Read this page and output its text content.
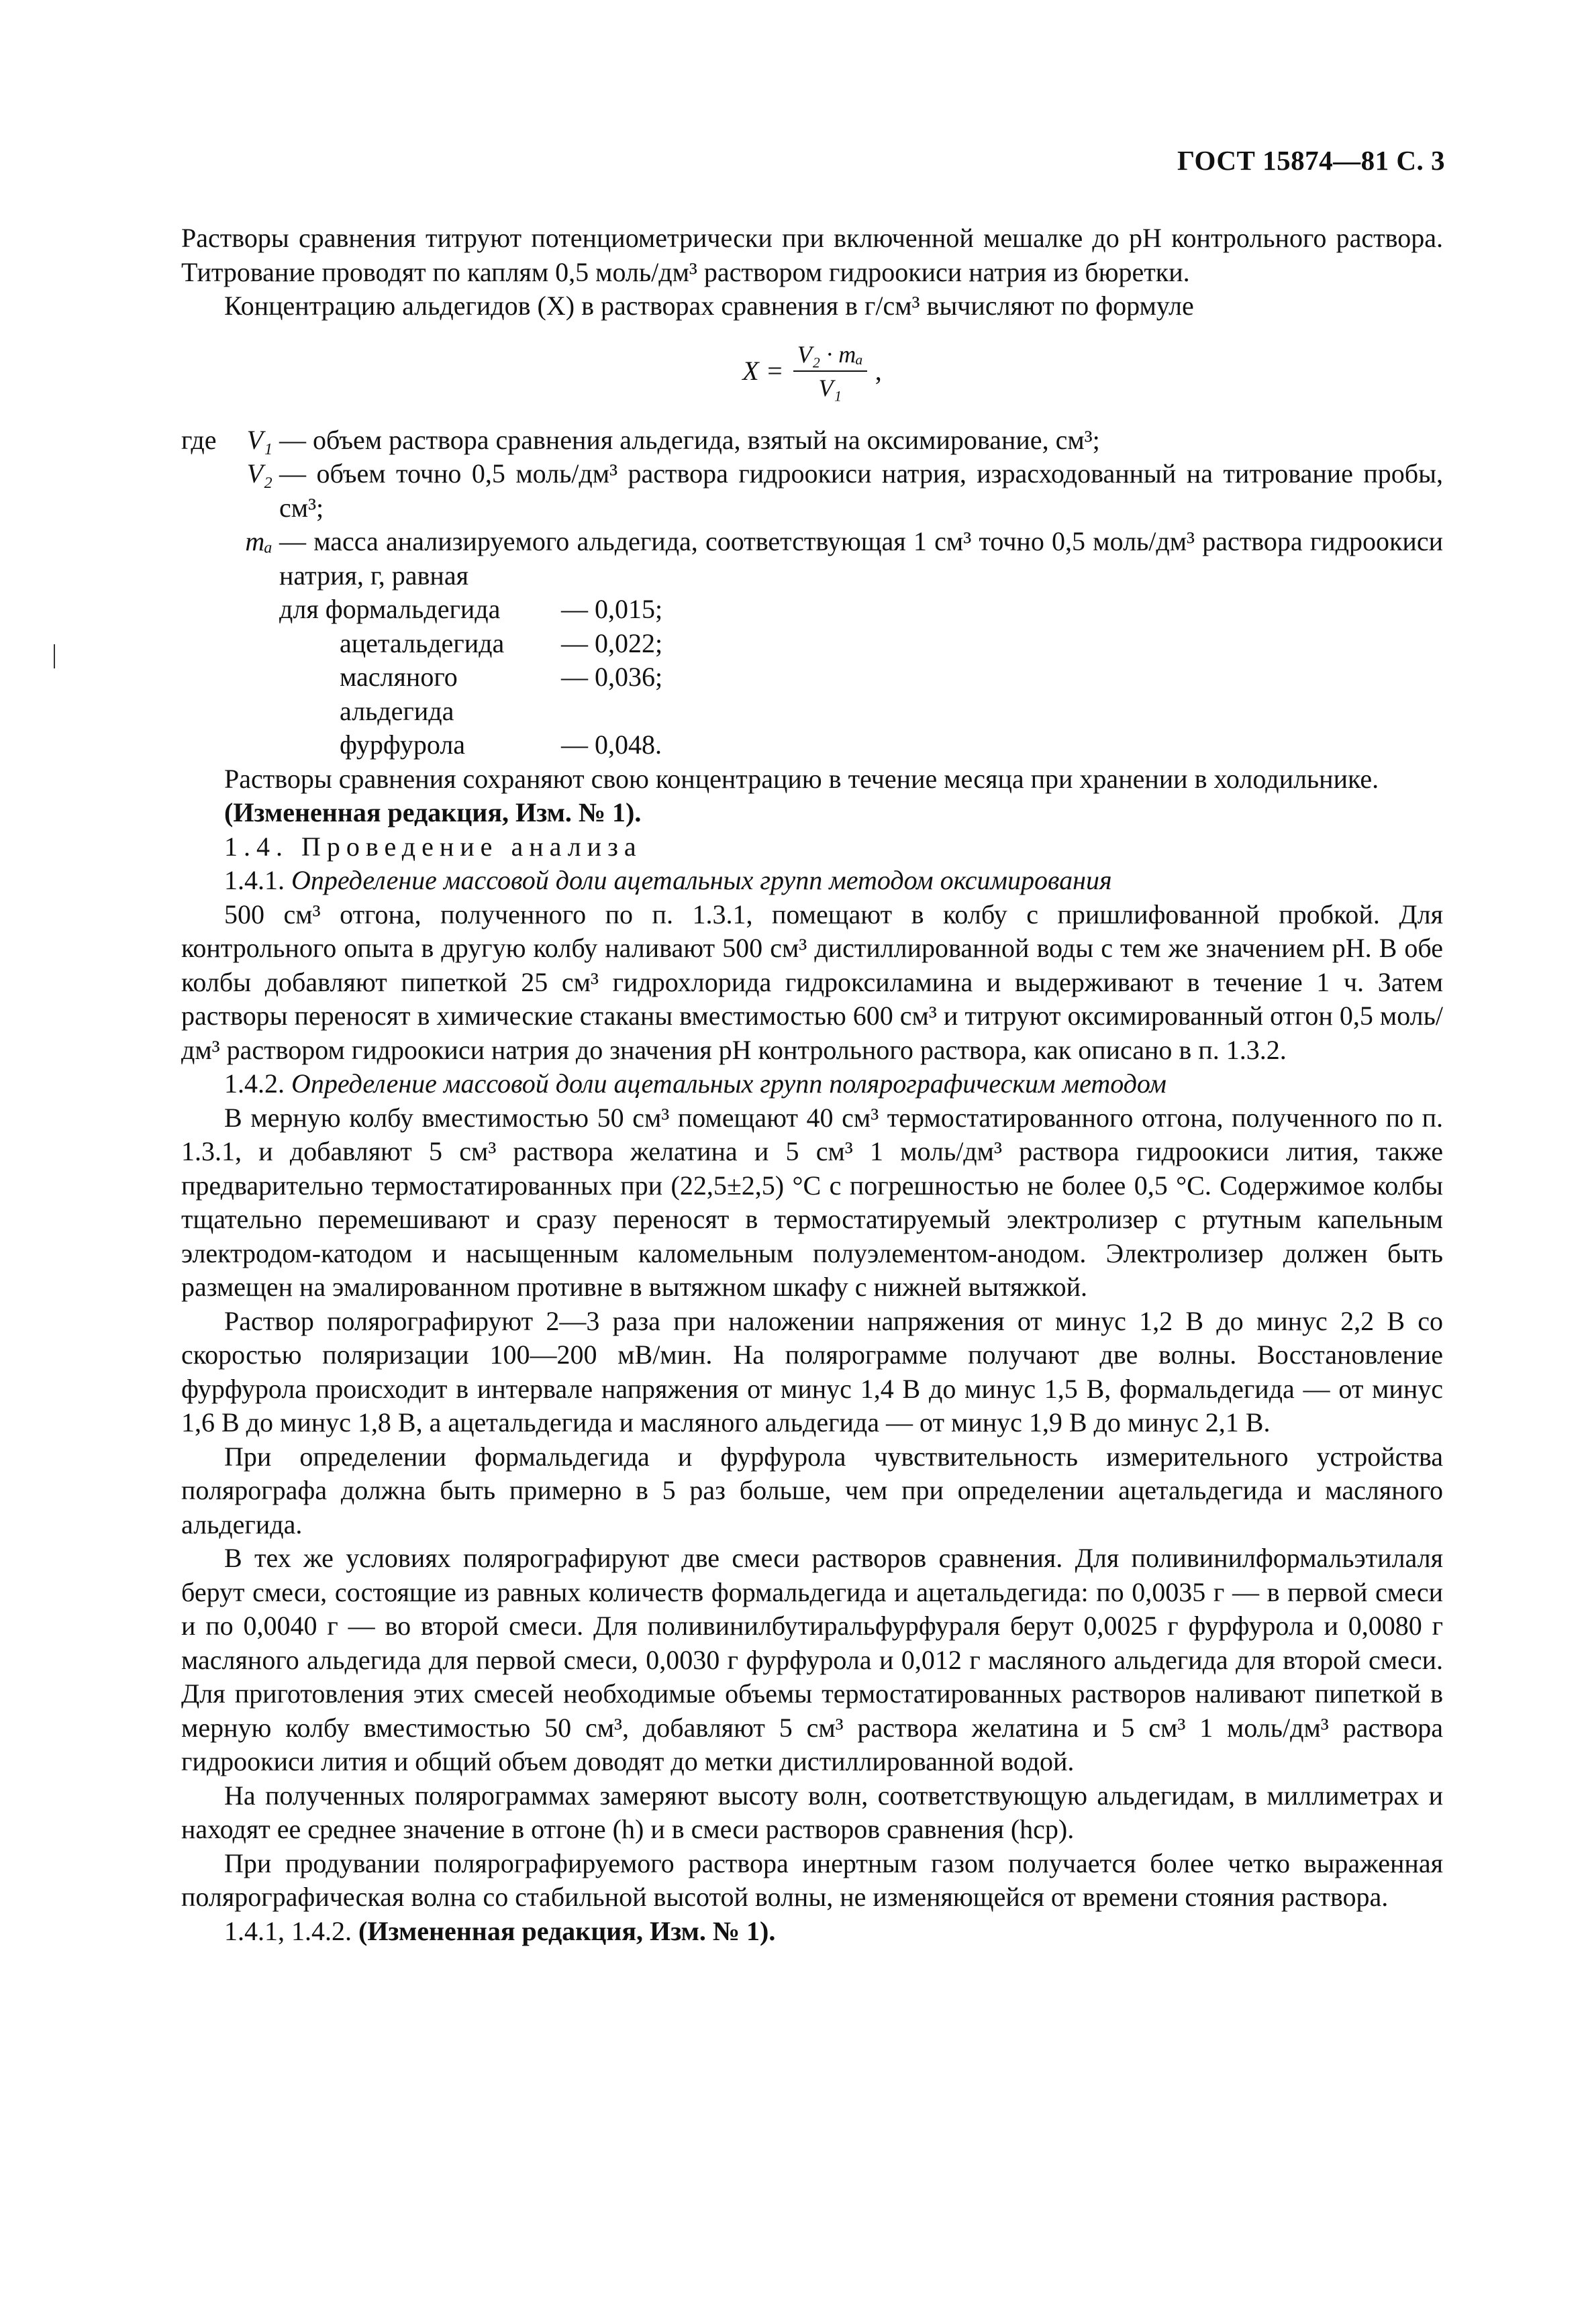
ГОСТ 15874—81 С. 3

Растворы сравнения титруют потенциометрически при включенной мешалке до pH контрольного раствора. Титрование проводят по каплям 0,5 моль/дм³ раствором гидроокиси натрия из бюретки.

Концентрацию альдегидов (X) в растворах сравнения в г/см³ вычисляют по формуле

$X = \frac{\text{V₂ · mₐ}}{\text{V₁}}$ ,
где	V₁ — объем раствора сравнения альдегида, взятый на оксимирование, см³;
V₂ — объем точно 0,5 моль/дм³ раствора гидроокиси натрия, израсходованный на титрование пробы, см³;
mₐ — масса анализируемого альдегида, соответствующая 1 см³ точно 0,5 моль/дм³ раствора гидроокиси натрия, г, равная
для формальдегида	— 0,015;
ацетальдегида	— 0,022;
масляного альдегида
— 0,036;
фурфурола	— 0,048.

Растворы сравнения сохраняют свою концентрацию в течение месяца при хранении в холодильнике.

(Измененная редакция, Изм. № 1).

1.4. Проведение анализа

1.4.1. Определение массовой доли ацетальных групп методом оксимирования

500 см³ отгона, полученного по п. 1.3.1, помещают в колбу с пришлифованной пробкой. Для контрольного опыта в другую колбу наливают 500 см³ дистиллированной воды с тем же значением pH. В обе колбы добавляют пипеткой 25 см³ гидрохлорида гидроксиламина и выдерживают в течение 1 ч. Затем растворы переносят в химические стаканы вместимостью 600 см³ и титруют оксимированный отгон 0,5 моль/дм³ раствором гидроокиси натрия до значения pH контрольного раствора, как описано в п. 1.3.2.

1.4.2. Определение массовой доли ацетальных групп полярографическим методом

В мерную колбу вместимостью 50 см³ помещают 40 см³ термостатированного отгона, полученного по п. 1.3.1, и добавляют 5 см³ раствора желатина и 5 см³ 1 моль/дм³ раствора гидроокиси лития, также предварительно термостатированных при (22,5±2,5) °С с погрешностью не более 0,5 °С. Содержимое колбы тщательно перемешивают и сразу переносят в термостатируемый электролизер с ртутным капельным электродом-катодом и насыщенным каломельным полуэлементом-анодом. Электролизер должен быть размещен на эмалированном противне в вытяжном шкафу с нижней вытяжкой.

Раствор полярографируют 2—3 раза при наложении напряжения от минус 1,2 В до минус 2,2 В со скоростью поляризации 100—200 мВ/мин. На полярограмме получают две волны. Восстановление фурфурола происходит в интервале напряжения от минус 1,4 В до минус 1,5 В, формальдегида — от минус 1,6 В до минус 1,8 В, а ацетальдегида и масляного альдегида — от минус 1,9 В до минус 2,1 В.

При определении формальдегида и фурфурола чувствительность измерительного устройства полярографа должна быть примерно в 5 раз больше, чем при определении ацетальдегида и масляного альдегида.

В тех же условиях полярографируют две смеси растворов сравнения. Для поливинилформальэтилаля берут смеси, состоящие из равных количеств формальдегида и ацетальдегида: по 0,0035 г — в первой смеси и по 0,0040 г — во второй смеси. Для поливинилбутиральфурфураля берут 0,0025 г фурфурола и 0,0080 г масляного альдегида для первой смеси, 0,0030 г фурфурола и 0,012 г масляного альдегида для второй смеси. Для приготовления этих смесей необходимые объемы термостатированных растворов наливают пипеткой в мерную колбу вместимостью 50 см³, добавляют 5 см³ раствора желатина и 5 см³ 1 моль/дм³ раствора гидроокиси лития и общий объем доводят до метки дистиллированной водой.

На полученных полярограммах замеряют высоту волн, соответствующую альдегидам, в миллиметрах и находят ее среднее значение в отгоне (h) и в смеси растворов сравнения (hср).

При продувании полярографируемого раствора инертным газом получается более четко выраженная полярографическая волна со стабильной высотой волны, не изменяющейся от времени стояния раствора.

1.4.1, 1.4.2. (Измененная редакция, Изм. № 1).
